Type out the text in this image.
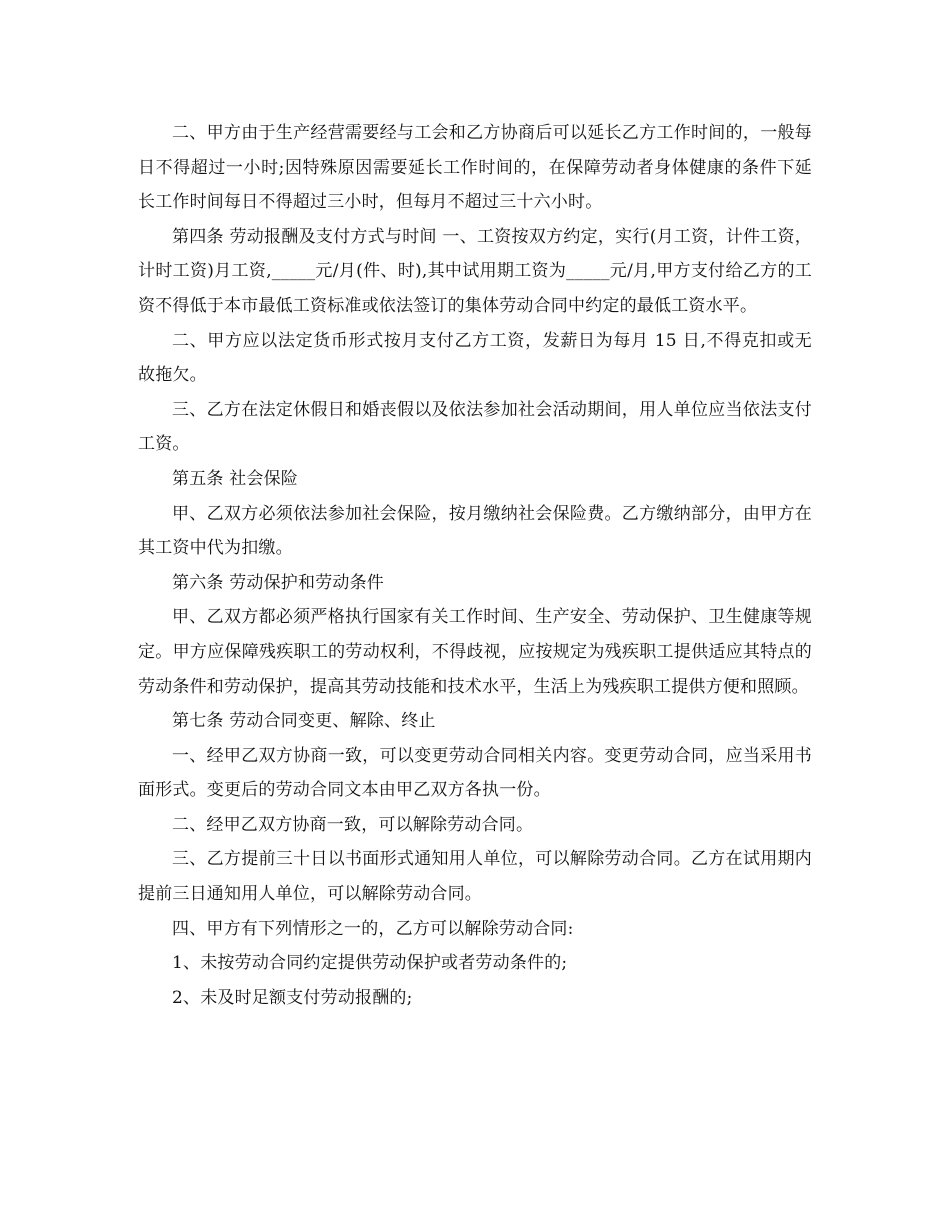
二、甲方由于生产经营需要经与工会和乙方协商后可以延长乙方工作时间的，一般每日不得超过一小时;因特殊原因需要延长工作时间的，在保障劳动者身体健康的条件下延长工作时间每日不得超过三小时，但每月不超过三十六小时。

第四条 劳动报酬及支付方式与时间 一、工资按双方约定，实行(月工资，计件工资，计时工资)月工资,_____元/月(件、时),其中试用期工资为_____元/月,甲方支付给乙方的工资不得低于本市最低工资标准或依法签订的集体劳动合同中约定的最低工资水平。

二、甲方应以法定货币形式按月支付乙方工资，发薪日为每月 15 日,不得克扣或无故拖欠。

三、乙方在法定休假日和婚丧假以及依法参加社会活动期间，用人单位应当依法支付工资。

第五条 社会保险

甲、乙双方必须依法参加社会保险，按月缴纳社会保险费。乙方缴纳部分，由甲方在其工资中代为扣缴。

第六条 劳动保护和劳动条件

甲、乙双方都必须严格执行国家有关工作时间、生产安全、劳动保护、卫生健康等规定。甲方应保障残疾职工的劳动权利，不得歧视，应按规定为残疾职工提供适应其特点的劳动条件和劳动保护，提高其劳动技能和技术水平，生活上为残疾职工提供方便和照顾。

第七条 劳动合同变更、解除、终止

一、经甲乙双方协商一致，可以变更劳动合同相关内容。变更劳动合同，应当采用书面形式。变更后的劳动合同文本由甲乙双方各执一份。

二、经甲乙双方协商一致，可以解除劳动合同。

三、乙方提前三十日以书面形式通知用人单位，可以解除劳动合同。乙方在试用期内提前三日通知用人单位，可以解除劳动合同。

四、甲方有下列情形之一的，乙方可以解除劳动合同:

1、未按劳动合同约定提供劳动保护或者劳动条件的;

2、未及时足额支付劳动报酬的;
